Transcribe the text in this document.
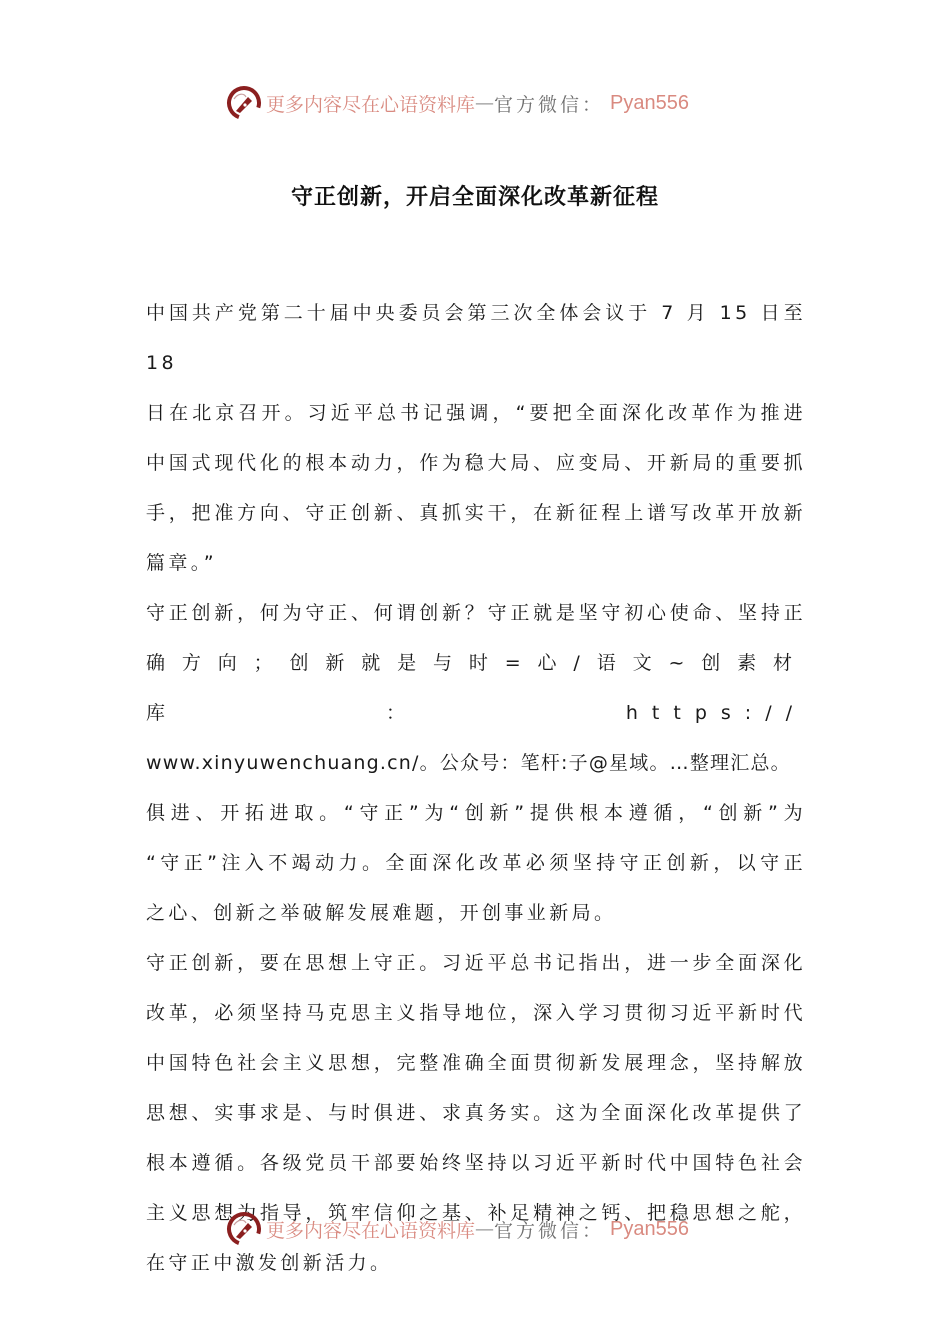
更多内容尽在心语资料库 — 官方微信： Pyan556
守正创新，开启全面深化改革新征程

中国共产党第二十届中央委员会第三次全体会议于 7 月 15 日至 18
日在北京召开。习近平总书记强调，“要把全面深化改革作为推进
中国式现代化的根本动力，作为稳大局、应变局、开新局的重要抓
手，把准方向、守正创新、真抓实干，在新征程上谱写改革开放新
篇章。”

守正创新，何为守正、何谓创新？守正就是坚守初心使命、坚持正
确方向；创新就是与时=心/语文~创素材库：https://
www.xinyuwenchuang.cn/。公众号：笔杆:子@星域。…整理汇总。
俱进、开拓进取。“守正”为“创新”提供根本遵循，“创新”为
“守正”注入不竭动力。全面深化改革必须坚持守正创新，以守正
之心、创新之举破解发展难题，开创事业新局。

守正创新，要在思想上守正。习近平总书记指出，进一步全面深化
改革，必须坚持马克思主义指导地位，深入学习贯彻习近平新时代
中国特色社会主义思想，完整准确全面贯彻新发展理念，坚持解放
思想、实事求是、与时俱进、求真务实。这为全面深化改革提供了
根本遵循。各级党员干部要始终坚持以习近平新时代中国特色社会
主义思想为指导，筑牢信仰之基、补足精神之钙、把稳思想之舵，
在守正中激发创新活力。

更多内容尽在心语资料库 — 官方微信： Pyan556
